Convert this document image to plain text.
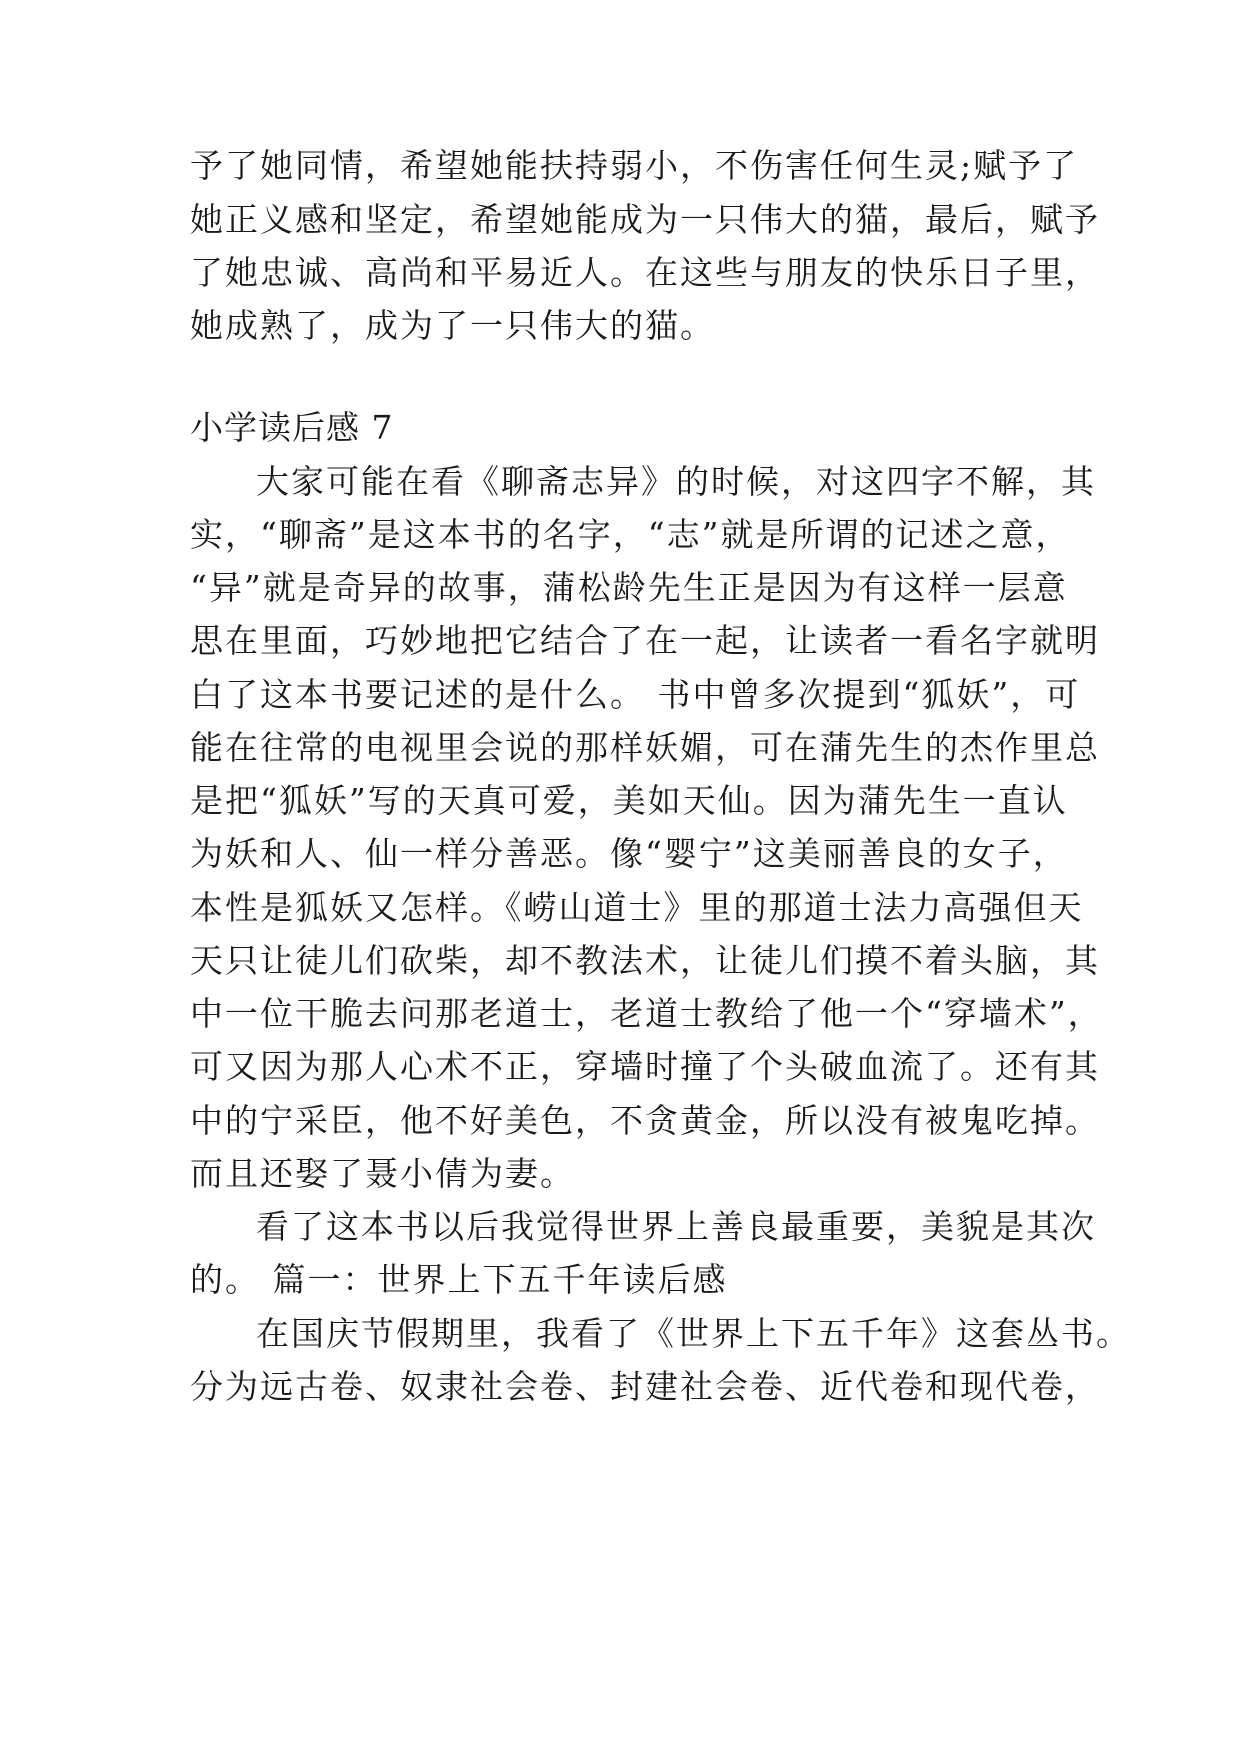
予了她同情，希望她能扶持弱小，不伤害任何生灵;赋予了
她正义感和坚定，希望她能成为一只伟大的猫，最后，赋予
了她忠诚、高尚和平易近人。在这些与朋友的快乐日子里，
她成熟了，成为了一只伟大的猫。
小学读后感 7
大家可能在看《聊斋志异》的时候，对这四字不解，其
实，“聊斋”是这本书的名字，“志”就是所谓的记述之意，
“异”就是奇异的故事，蒲松龄先生正是因为有这样一层意
思在里面，巧妙地把它结合了在一起，让读者一看名字就明
白了这本书要记述的是什么。 书中曾多次提到“狐妖”，可
能在往常的电视里会说的那样妖媚，可在蒲先生的杰作里总
是把“狐妖”写的天真可爱，美如天仙。因为蒲先生一直认
为妖和人、仙一样分善恶。像“婴宁”这美丽善良的女子，
本性是狐妖又怎样。《崂山道士》里的那道士法力高强但天
天只让徒儿们砍柴，却不教法术，让徒儿们摸不着头脑，其
中一位干脆去问那老道士，老道士教给了他一个“穿墙术”，
可又因为那人心术不正，穿墙时撞了个头破血流了。还有其
中的宁采臣，他不好美色，不贪黄金，所以没有被鬼吃掉。
而且还娶了聂小倩为妻。
看了这本书以后我觉得世界上善良最重要，美貌是其次
的。 篇一：世界上下五千年读后感
在国庆节假期里，我看了《世界上下五千年》这套丛书。
分为远古卷、奴隶社会卷、封建社会卷、近代卷和现代卷，
